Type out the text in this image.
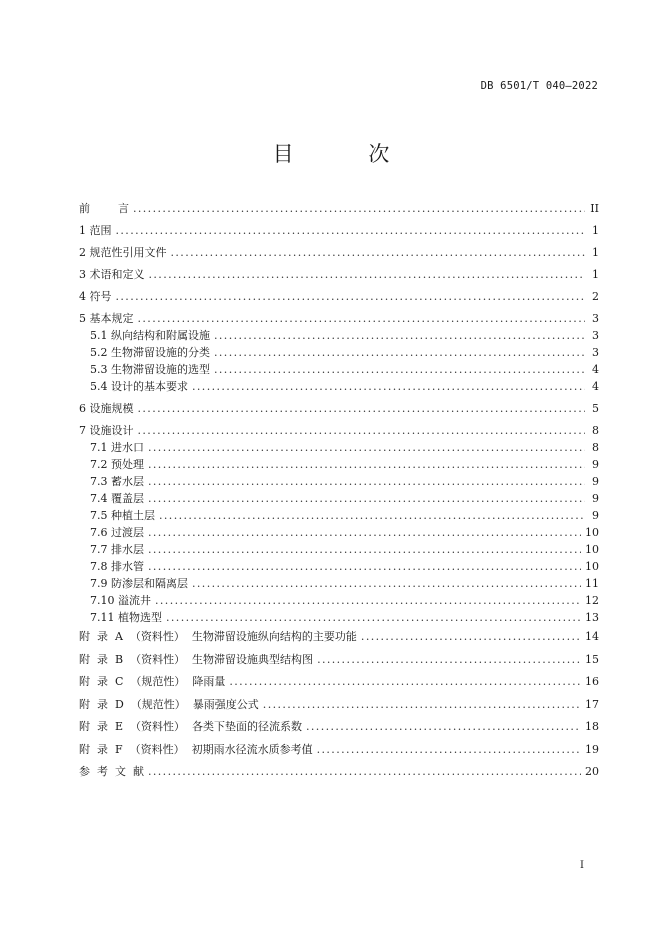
DB 6501/T 040—2022
目 次
前        言 .....	II
1 范围 .....	1
2 规范性引用文件 .....	1
3 术语和定义 .....	1
4 符号 .....	2
5 基本规定 .....	3
5.1 纵向结构和附属设施 .....	3
5.2 生物滞留设施的分类 .....	3
5.3 生物滞留设施的选型 .....	4
5.4 设计的基本要求 .....	4
6 设施规模 .....	5
7 设施设计 .....	8
7.1 进水口 .....	8
7.2 预处理 .....	9
7.3 蓄水层 .....	9
7.4 覆盖层 .....	9
7.5 种植土层 .....	9
7.6 过渡层 .....	10
7.7 排水层 .....	10
7.8 排水管 .....	10
7.9 防渗层和隔离层 .....	11
7.10 溢流井 .....	12
7.11 植物选型 .....	13
附  录  A  （资料性）  生物滞留设施纵向结构的主要功能 .....	14
附  录  B  （资料性）  生物滞留设施典型结构图 .....	15
附  录  C  （规范性）  降雨量 .....	16
附  录  D  （规范性）  暴雨强度公式 .....	17
附  录  E  （资料性）  各类下垫面的径流系数 .....	18
附  录  F  （资料性）  初期雨水径流水质参考值 .....	19
参  考  文  献 .....	20
I
